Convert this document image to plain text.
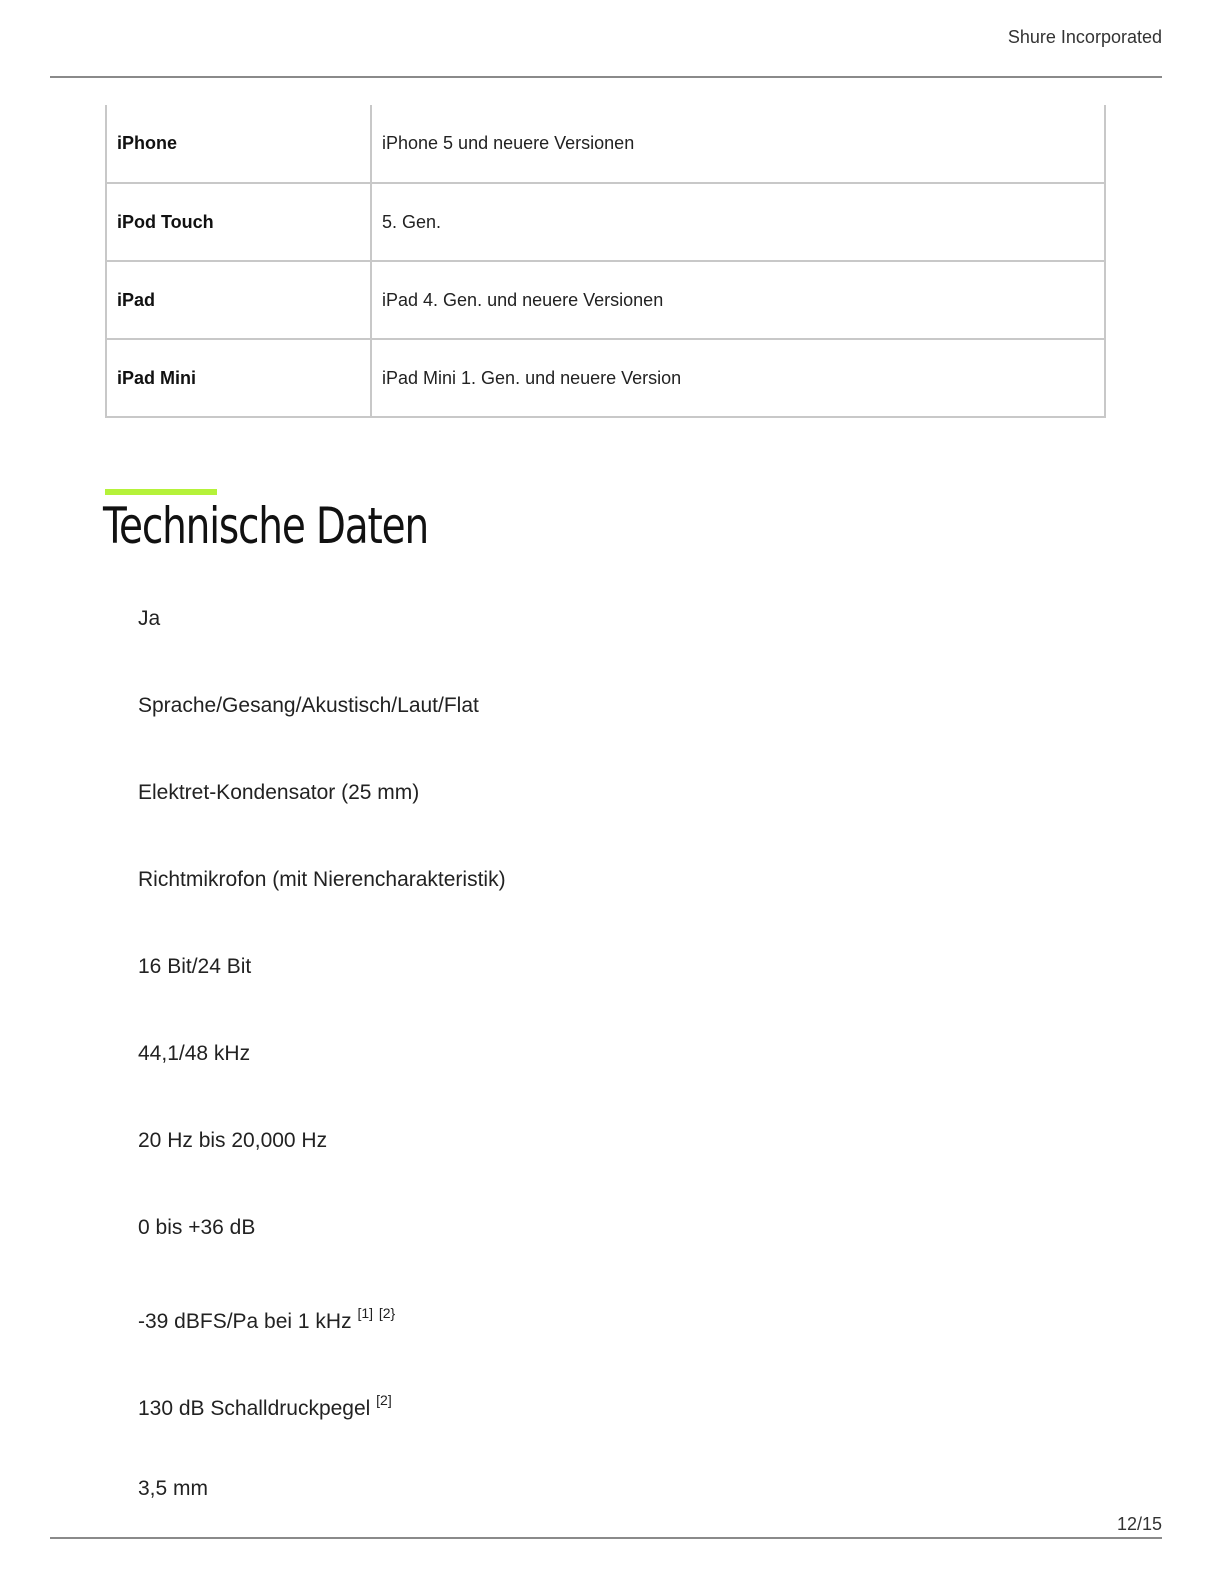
Shure Incorporated
iPhone	iPhone 5 und neuere Versionen
iPod Touch	5. Gen.
iPad	iPad 4. Gen. und neuere Versionen
iPad Mini	iPad Mini 1. Gen. und neuere Version
Technische Daten
Ja
Sprache/Gesang/Akustisch/Laut/Flat
Elektret-Kondensator (25 mm)
Richtmikrofon (mit Nierencharakteristik)
16 Bit/24 Bit
44,1/48 kHz
20 Hz bis 20,000 Hz
0 bis +36 dB
-39 dBFS/Pa bei 1 kHz [1] $^{[2\}}$
130 dB Schalldruckpegel [2]
3,5 mm
12/15
